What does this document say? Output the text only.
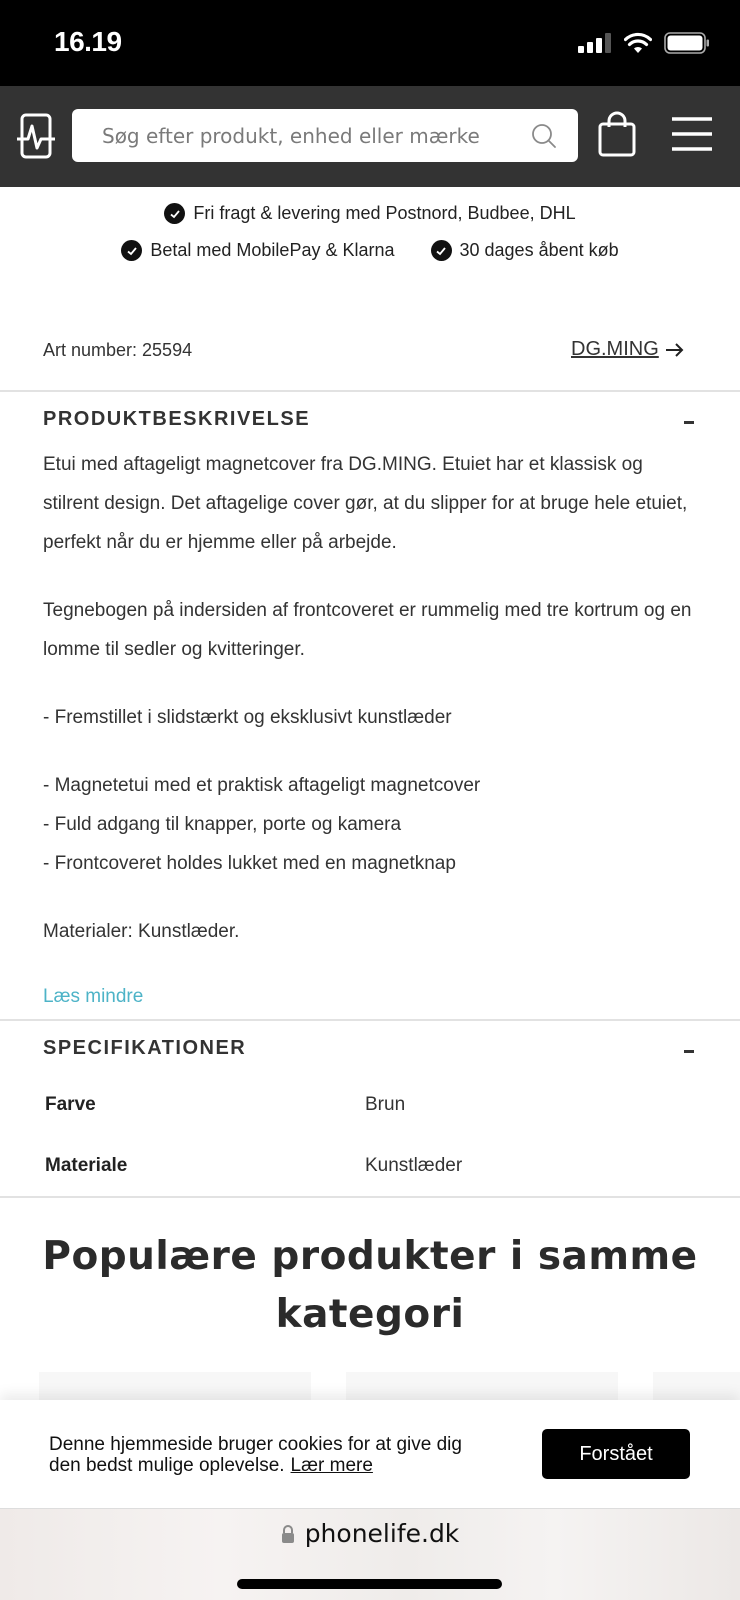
16.19
Søg efter produkt, enhed eller mærke
Fri fragt & levering med Postnord, Budbee, DHL
Betal med MobilePay & Klarna	30 dages åbent køb
Art number: 25594	DG.MING
PRODUKTBESKRIVELSE

Etui med aftageligt magnetcover fra DG.MING. Etuiet har et klassisk og stilrent design. Det aftagelige cover gør, at du slipper for at bruge hele etuiet, perfekt når du er hjemme eller på arbejde.

Tegnebogen på indersiden af frontcoveret er rummelig med tre kortrum og en lomme til sedler og kvitteringer.

- Fremstillet i slidstærkt og eksklusivt kunstlæder

- Magnetetui med et praktisk aftageligt magnetcover

- Fuld adgang til knapper, porte og kamera

- Frontcoveret holdes lukket med en magnetknap

Materialer: Kunstlæder.

Læs mindre
SPECIFIKATIONER
Farve	Brun
Materiale	Kunstlæder
Populære produkter i samme
kategori
Denne hjemmeside bruger cookies for at give dig
den bedst mulige oplevelse. Lær mere
Forstået
phonelife.dk
